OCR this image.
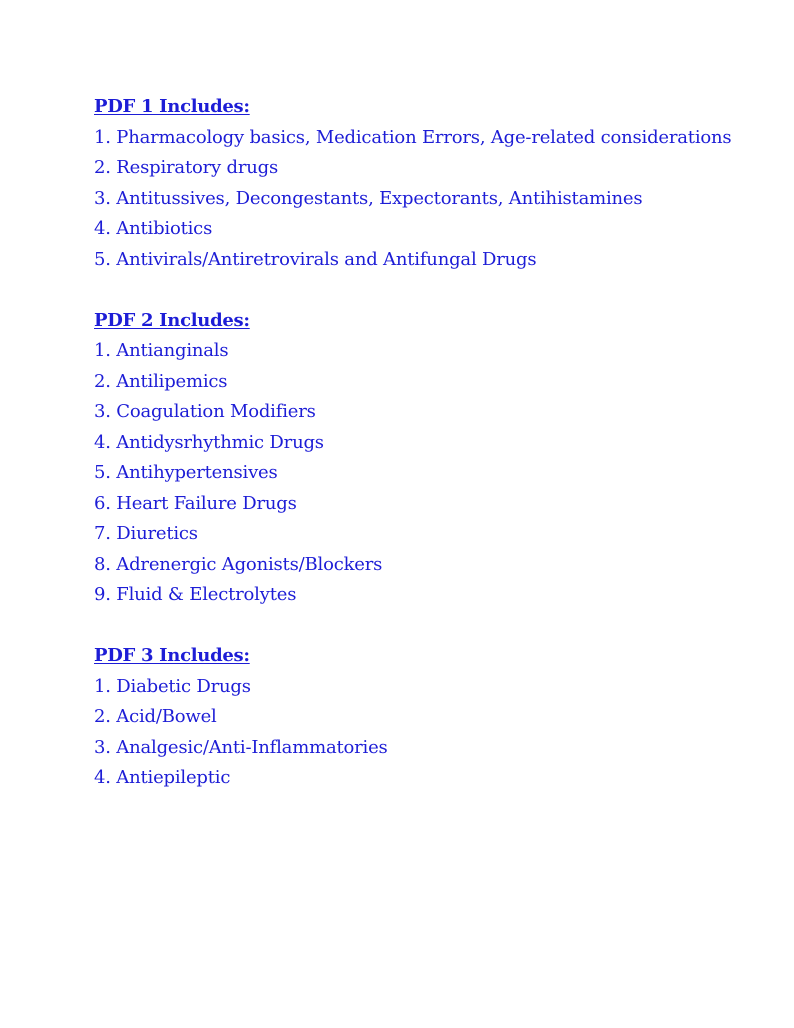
PDF 1 Includes:

1. Pharmacology basics, Medication Errors, Age-related considerations
2. Respiratory drugs
3. Antitussives, Decongestants, Expectorants, Antihistamines
4. Antibiotics
5. Antivirals/Antiretrovirals and Antifungal Drugs

PDF 2 Includes:

1. Antianginals
2. Antilipemics
3. Coagulation Modifiers
4. Antidysrhythmic Drugs
5. Antihypertensives
6. Heart Failure Drugs
7. Diuretics
8. Adrenergic Agonists/Blockers
9. Fluid & Electrolytes

PDF 3 Includes:

1. Diabetic Drugs
2. Acid/Bowel
3. Analgesic/Anti-Inflammatories
4. Antiepileptic
